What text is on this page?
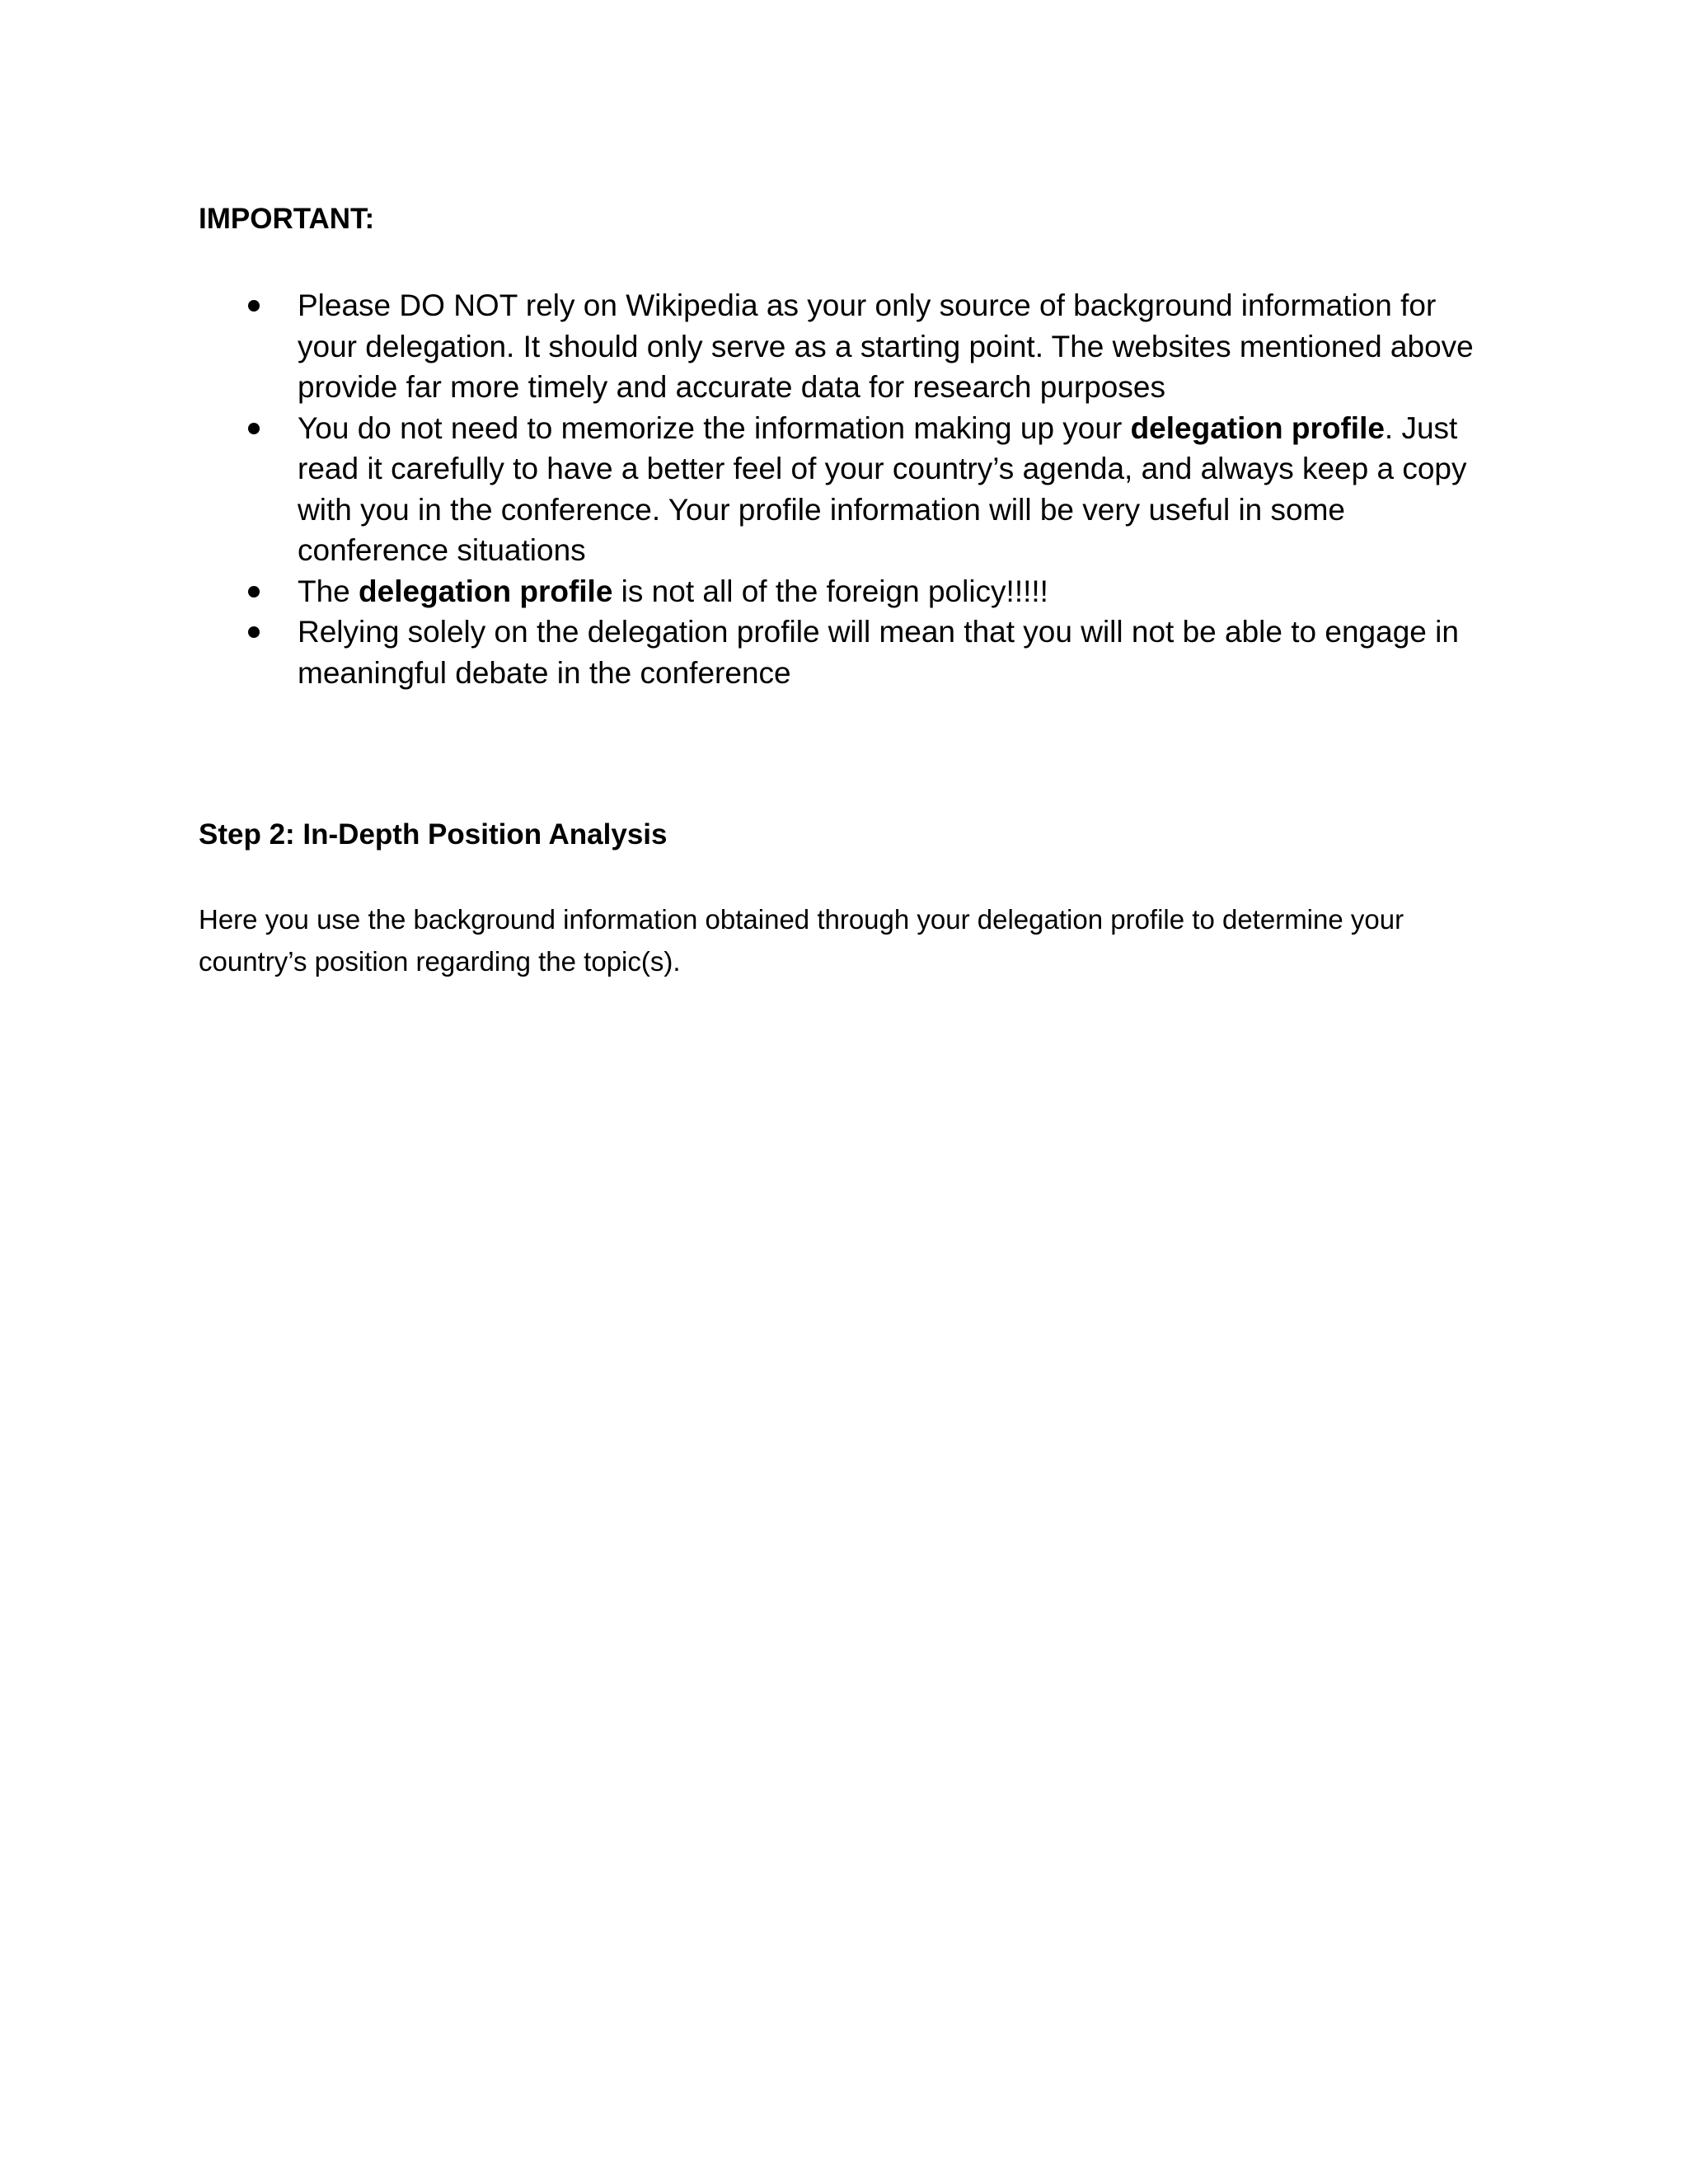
IMPORTANT:
Please DO NOT rely on Wikipedia as your only source of background information for your delegation. It should only serve as a starting point. The websites mentioned above provide far more timely and accurate data for research purposes
You do not need to memorize the information making up your delegation profile. Just read it carefully to have a better feel of your country’s agenda, and always keep a copy with you in the conference. Your profile information will be very useful in some conference situations
The delegation profile is not all of the foreign policy!!!!!
Relying solely on the delegation profile will mean that you will not be able to engage in meaningful debate in the conference
Step 2: In-Depth Position Analysis

Here you use the background information obtained through your delegation profile to determine your country’s position regarding the topic(s).
